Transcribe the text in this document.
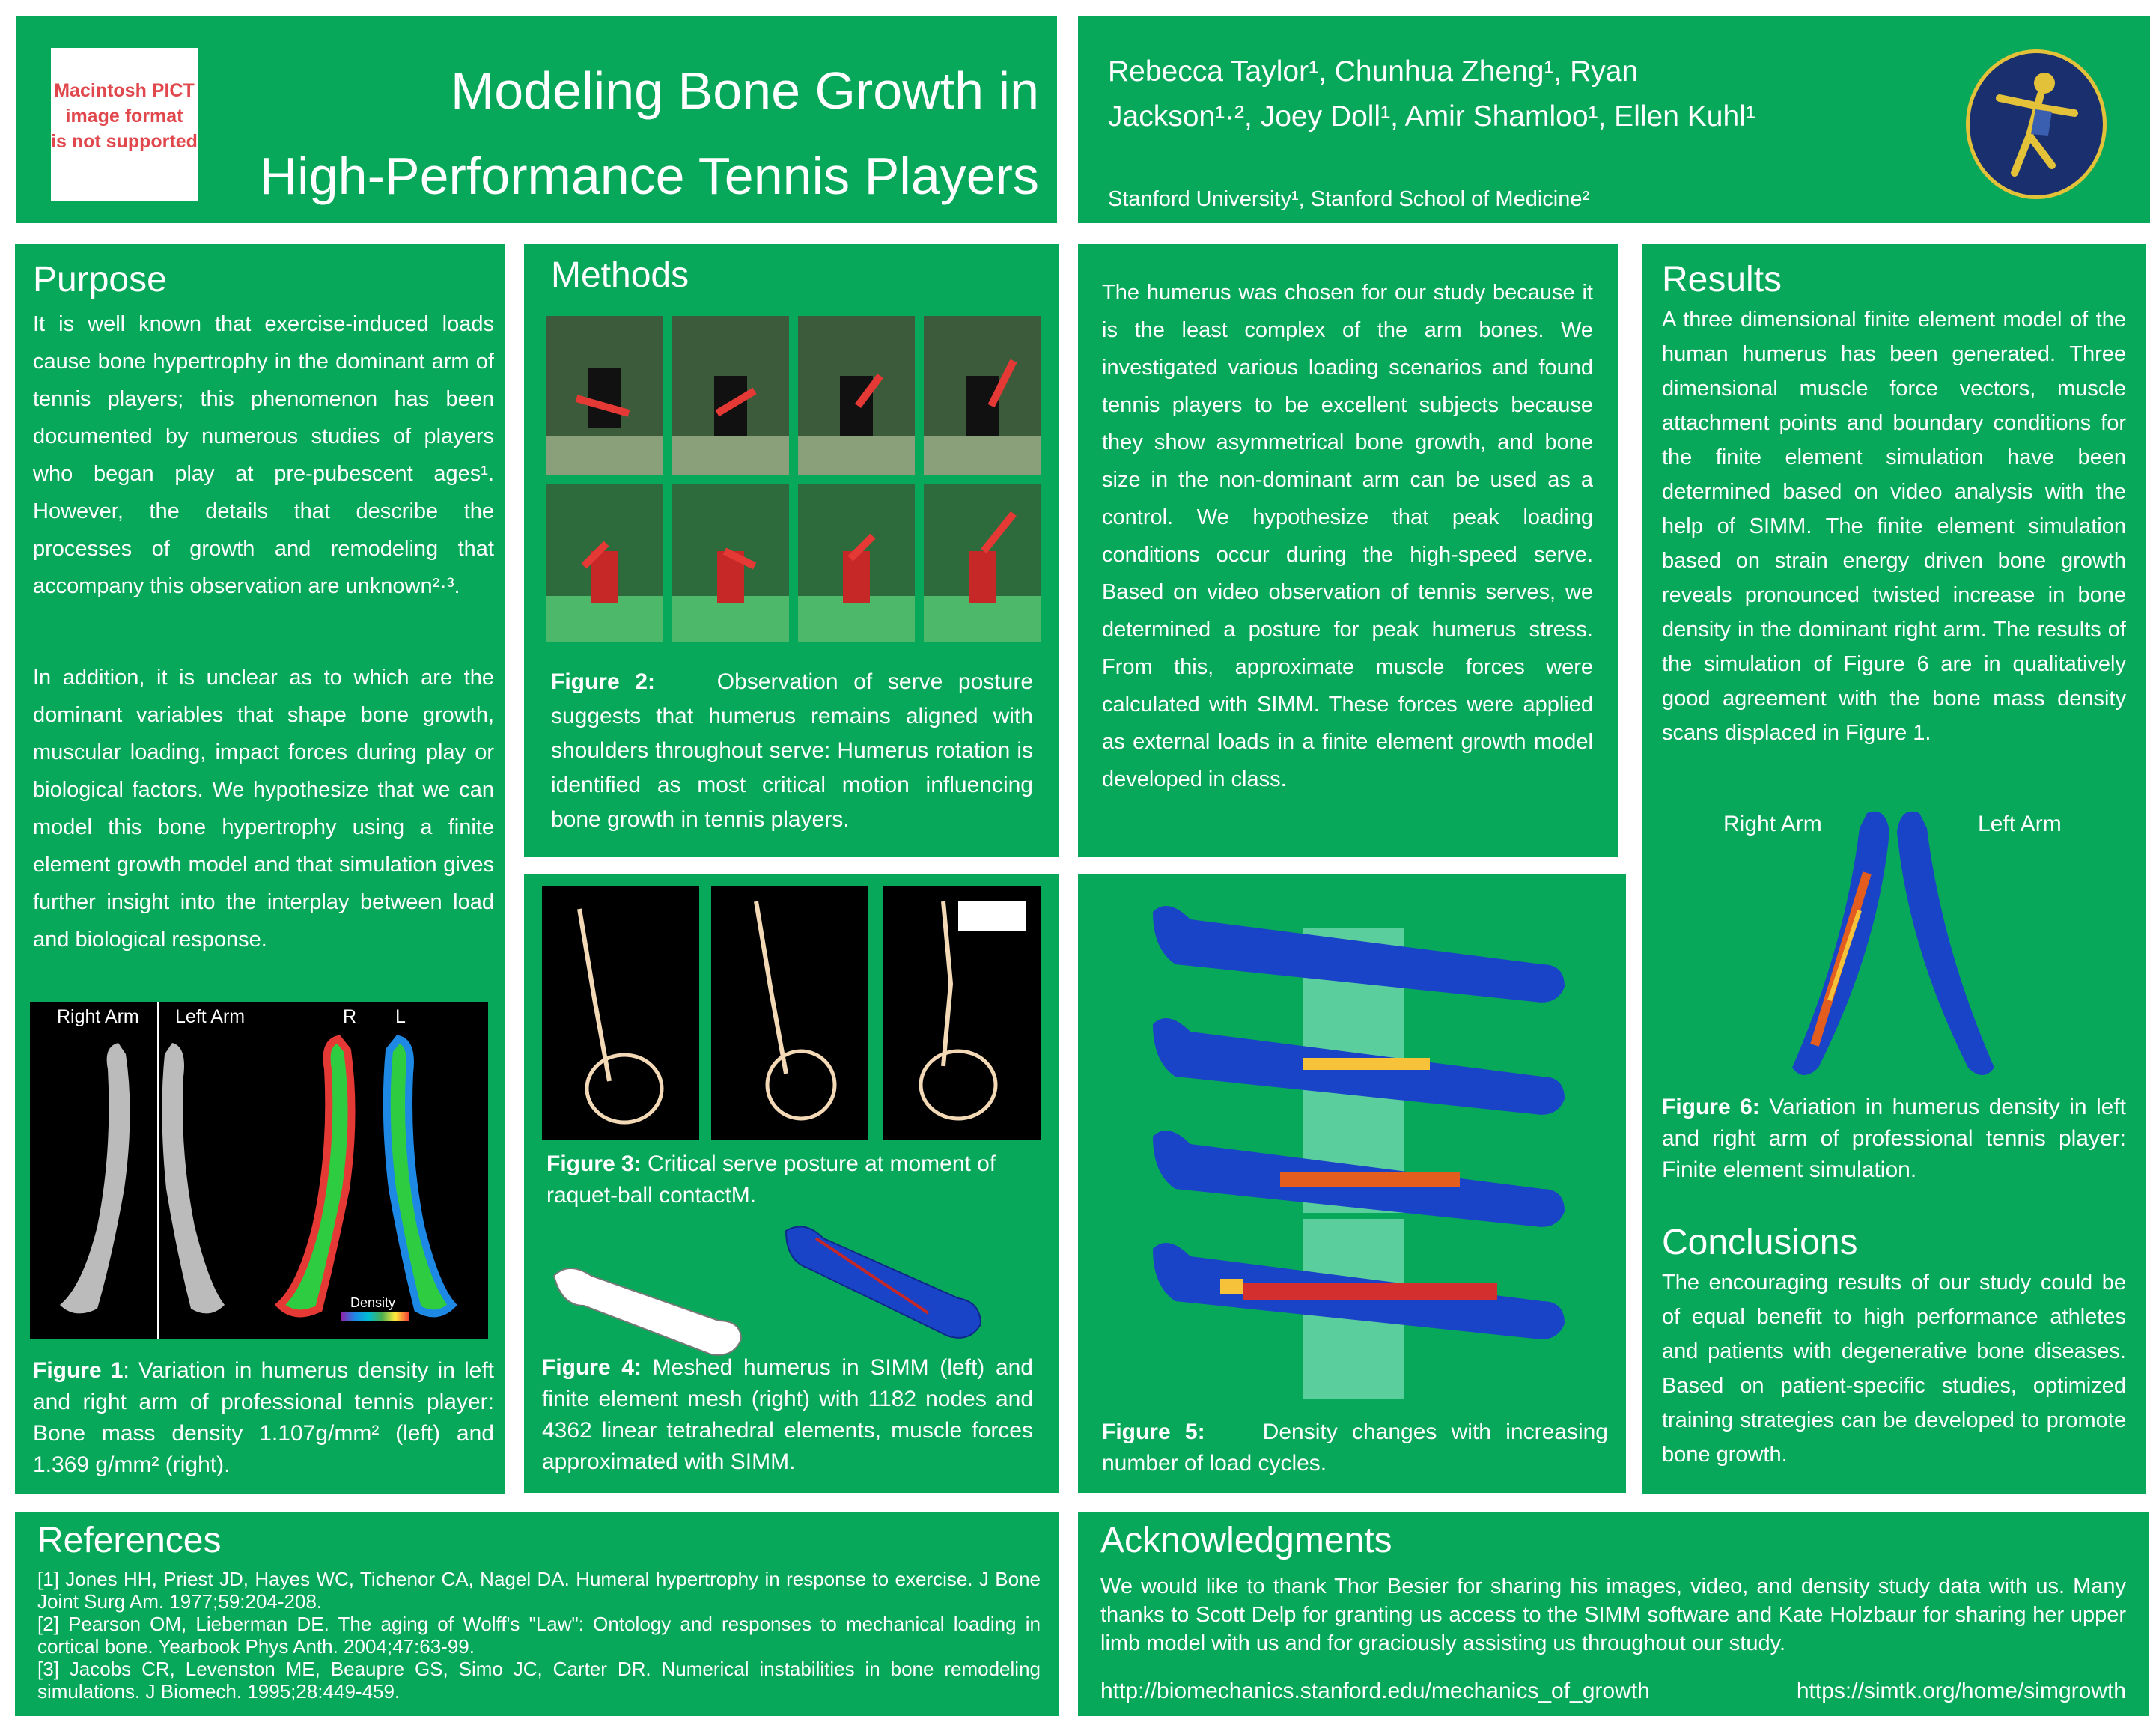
Macintosh PICT
image format
is not supported
Modeling Bone Growth in
High-Performance Tennis Players
Rebecca Taylor¹, Chunhua Zheng¹, Ryan
Jackson¹·², Joey Doll¹, Amir Shamloo¹, Ellen Kuhl¹
Stanford University¹, Stanford School of Medicine²
Purpose
It is well known that exercise-induced loads cause bone hypertrophy in the dominant arm of tennis players; this phenomenon has been documented by numerous studies of players who began play at pre-pubescent ages¹. However, the details that describe the processes of growth and remodeling that accompany this observation are unknown²·³.
In addition, it is unclear as to which are the dominant variables that shape bone growth, muscular loading, impact forces during play or biological factors. We hypothesize that we can model this bone hypertrophy using a finite element growth model and that simulation gives further insight into the interplay between load and biological response.
Right Arm Left Arm	R L
Density
Figure 1: Variation in humerus density in left and right arm of professional tennis player: Bone mass density 1.107g/mm² (left) and 1.369 g/mm² (right).
Methods
Figure 2:	Observation of serve posture suggests that humerus remains aligned with shoulders throughout serve: Humerus rotation is identified as most critical motion influencing bone growth in tennis players.
Figure 3: Critical serve posture at moment of raquet-ball contactM.
Figure 4: Meshed humerus in SIMM (left) and finite element mesh (right) with 1182 nodes and 4362 linear tetrahedral elements, muscle forces approximated with SIMM.
The humerus was chosen for our study because it is the least complex of the arm bones. We investigated various loading scenarios and found tennis players to be excellent subjects because they show asymmetrical bone growth, and bone size in the non-dominant arm can be used as a control. We hypothesize that peak loading conditions occur during the high-speed serve. Based on video observation of tennis serves, we determined a posture for peak humerus stress. From this, approximate muscle forces were calculated with SIMM. These forces were applied as external loads in a finite element growth model developed in class.
Figure 5:	Density changes with increasing number of load cycles.
Results
A three dimensional finite element model of the human humerus has been generated. Three dimensional muscle force vectors, muscle attachment points and boundary conditions for the finite element simulation have been determined based on video analysis with the help of SIMM. The finite element simulation based on strain energy driven bone growth reveals pronounced twisted increase in bone density in the dominant right arm. The results of the simulation of Figure 6 are in qualitatively good agreement with the bone mass density scans displaced in Figure 1.
Right Arm	Left Arm
Figure 6: Variation in humerus density in left and right arm of professional tennis player: Finite element simulation.
Conclusions
The encouraging results of our study could be of equal benefit to high performance athletes and patients with degenerative bone diseases. Based on patient-specific studies, optimized training strategies can be developed to promote bone growth.
References
[1] Jones HH, Priest JD, Hayes WC, Tichenor CA, Nagel DA. Humeral hypertrophy in response to exercise. J Bone Joint Surg Am. 1977;59:204-208.
[2] Pearson OM, Lieberman DE. The aging of Wolff's "Law": Ontology and responses to mechanical loading in cortical bone. Yearbook Phys Anth. 2004;47:63-99.
[3] Jacobs CR, Levenston ME, Beaupre GS, Simo JC, Carter DR. Numerical instabilities in bone remodeling simulations. J Biomech. 1995;28:449-459.
Acknowledgments
We would like to thank Thor Besier for sharing his images, video, and density study data with us. Many thanks to Scott Delp for granting us access to the SIMM software and Kate Holzbaur for sharing her upper limb model with us and for graciously assisting us throughout our study.
http://biomechanics.stanford.edu/mechanics_of_growth	https://simtk.org/home/simgrowth
